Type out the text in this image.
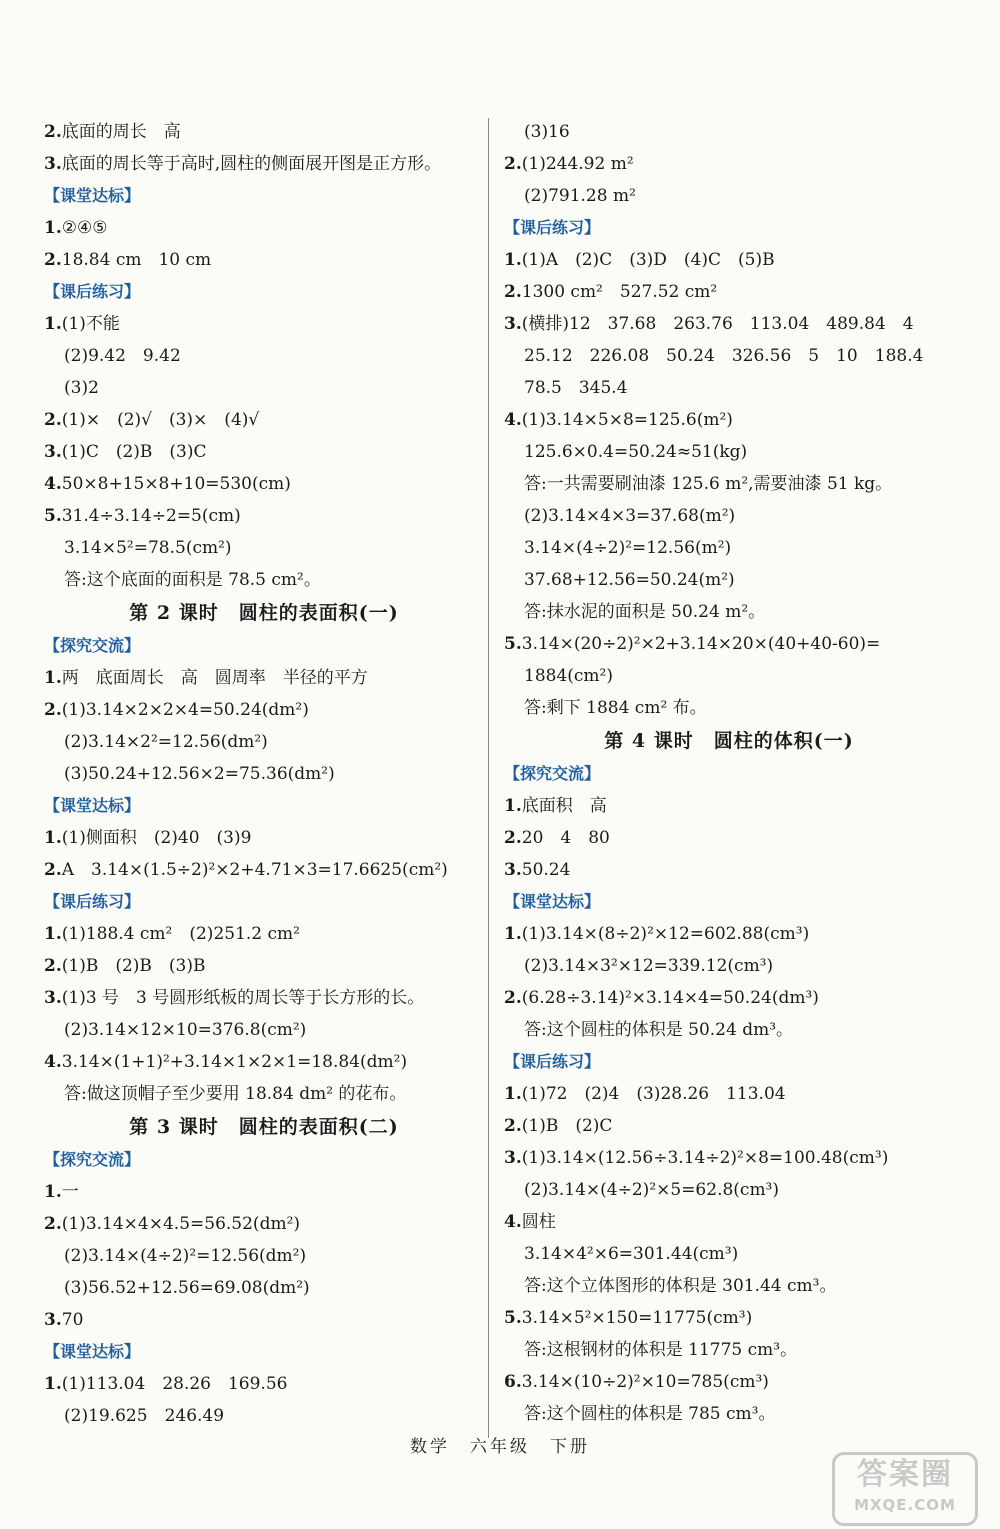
2.底面的周长　高
3.底面的周长等于高时,圆柱的侧面展开图是正方形。
【课堂达标】
1.②④⑤
2.18.84 cm　10 cm
【课后练习】
1.(1)不能
(2)9.42　9.42
(3)2
2.(1)×　(2)√　(3)×　(4)√
3.(1)C　(2)B　(3)C
4.50×8+15×8+10=530(cm)
5.31.4÷3.14÷2=5(cm)
3.14×5²=78.5(cm²)
答:这个底面的面积是 78.5 cm²。
第 2 课时　圆柱的表面积(一)
【探究交流】
1.两　底面周长　高　圆周率　半径的平方
2.(1)3.14×2×2×4=50.24(dm²)
(2)3.14×2²=12.56(dm²)
(3)50.24+12.56×2=75.36(dm²)
【课堂达标】
1.(1)侧面积　(2)40　(3)9
2.A　3.14×(1.5÷2)²×2+4.71×3=17.6625(cm²)
【课后练习】
1.(1)188.4 cm²　(2)251.2 cm²
2.(1)B　(2)B　(3)B
3.(1)3 号　3 号圆形纸板的周长等于长方形的长。
(2)3.14×12×10=376.8(cm²)
4.3.14×(1+1)²+3.14×1×2×1=18.84(dm²)
答:做这顶帽子至少要用 18.84 dm² 的花布。
第 3 课时　圆柱的表面积(二)
【探究交流】
1.一
2.(1)3.14×4×4.5=56.52(dm²)
(2)3.14×(4÷2)²=12.56(dm²)
(3)56.52+12.56=69.08(dm²)
3.70
【课堂达标】
1.(1)113.04　28.26　169.56
(2)19.625　246.49
(3)16
2.(1)244.92 m²
(2)791.28 m²
【课后练习】
1.(1)A　(2)C　(3)D　(4)C　(5)B
2.1300 cm²　527.52 cm²
3.(横排)12　37.68　263.76　113.04　489.84　4
25.12　226.08　50.24　326.56　5　10　188.4
78.5　345.4
4.(1)3.14×5×8=125.6(m²)
125.6×0.4=50.24≈51(kg)
答:一共需要刷油漆 125.6 m²,需要油漆 51 kg。
(2)3.14×4×3=37.68(m²)
3.14×(4÷2)²=12.56(m²)
37.68+12.56=50.24(m²)
答:抹水泥的面积是 50.24 m²。
5.3.14×(20÷2)²×2+3.14×20×(40+40-60)=
1884(cm²)
答:剩下 1884 cm² 布。
第 4 课时　圆柱的体积(一)
【探究交流】
1.底面积　高
2.20　4　80
3.50.24
【课堂达标】
1.(1)3.14×(8÷2)²×12=602.88(cm³)
(2)3.14×3²×12=339.12(cm³)
2.(6.28÷3.14)²×3.14×4=50.24(dm³)
答:这个圆柱的体积是 50.24 dm³。
【课后练习】
1.(1)72　(2)4　(3)28.26　113.04
2.(1)B　(2)C
3.(1)3.14×(12.56÷3.14÷2)²×8=100.48(cm³)
(2)3.14×(4÷2)²×5=62.8(cm³)
4.圆柱
3.14×4²×6=301.44(cm³)
答:这个立体图形的体积是 301.44 cm³。
5.3.14×5²×150=11775(cm³)
答:这根钢材的体积是 11775 cm³。
6.3.14×(10÷2)²×10=785(cm³)
答:这个圆柱的体积是 785 cm³。
数学　六年级　下册
答案圈
MXQE.COM
